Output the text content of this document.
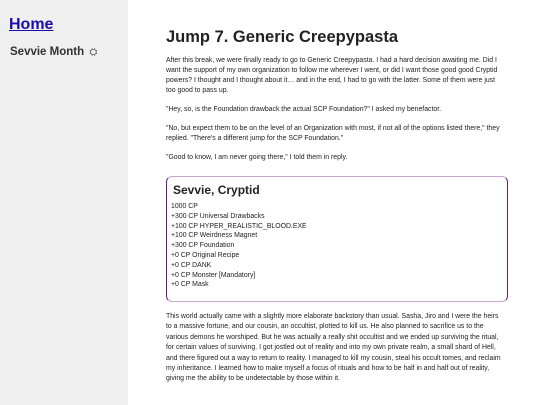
Home
Sevvie Month ⛭
Jump 7. Generic Creepypasta

After this break, we were finally ready to go to Generic Creepypasta. I had a hard decision awaiting me. Did I want the support of my own organization to follow me wherever I went, or did I want those good good Cryptid powers? I thought and I thought about it… and in the end, I had to go with the latter. Some of them were just too good to pass up.

"Hey, so, is the Foundation drawback the actual SCP Foundation?" I asked my benefactor.

"No, but expect them to be on the level of an Organization with most, if not all of the options listed there," they replied. "There's a different jump for the SCP Foundation."

"Good to know, I am never going there," I told them in reply.

Sevvie, Cryptid
1000 CP
+300 CP Universal Drawbacks
+100 CP HYPER_REALISTIC_BLOOD.EXE
+100 CP Weirdness Magnet
+300 CP Foundation
+0 CP Original Recipe
+0 CP DANK
+0 CP Monster [Mandatory]
+0 CP Mask

This world actually came with a slightly more elaborate backstory than usual. Sasha, Jiro and I were the heirs to a massive fortune, and our cousin, an occultist, plotted to kill us. He also planned to sacrifice us to the various demons he worshiped. But he was actually a really shit occultist and we ended up surviving the ritual, for certain values of surviving. I got jostled out of reality and into my own private realm, a small shard of Hell, and there figured out a way to return to reality. I managed to kill my cousin, steal his occult tomes, and reclaim my inheritance. I learned how to make myself a focus of rituals and how to be half in and half out of reality, giving me the ability to be undetectable by those within it.
